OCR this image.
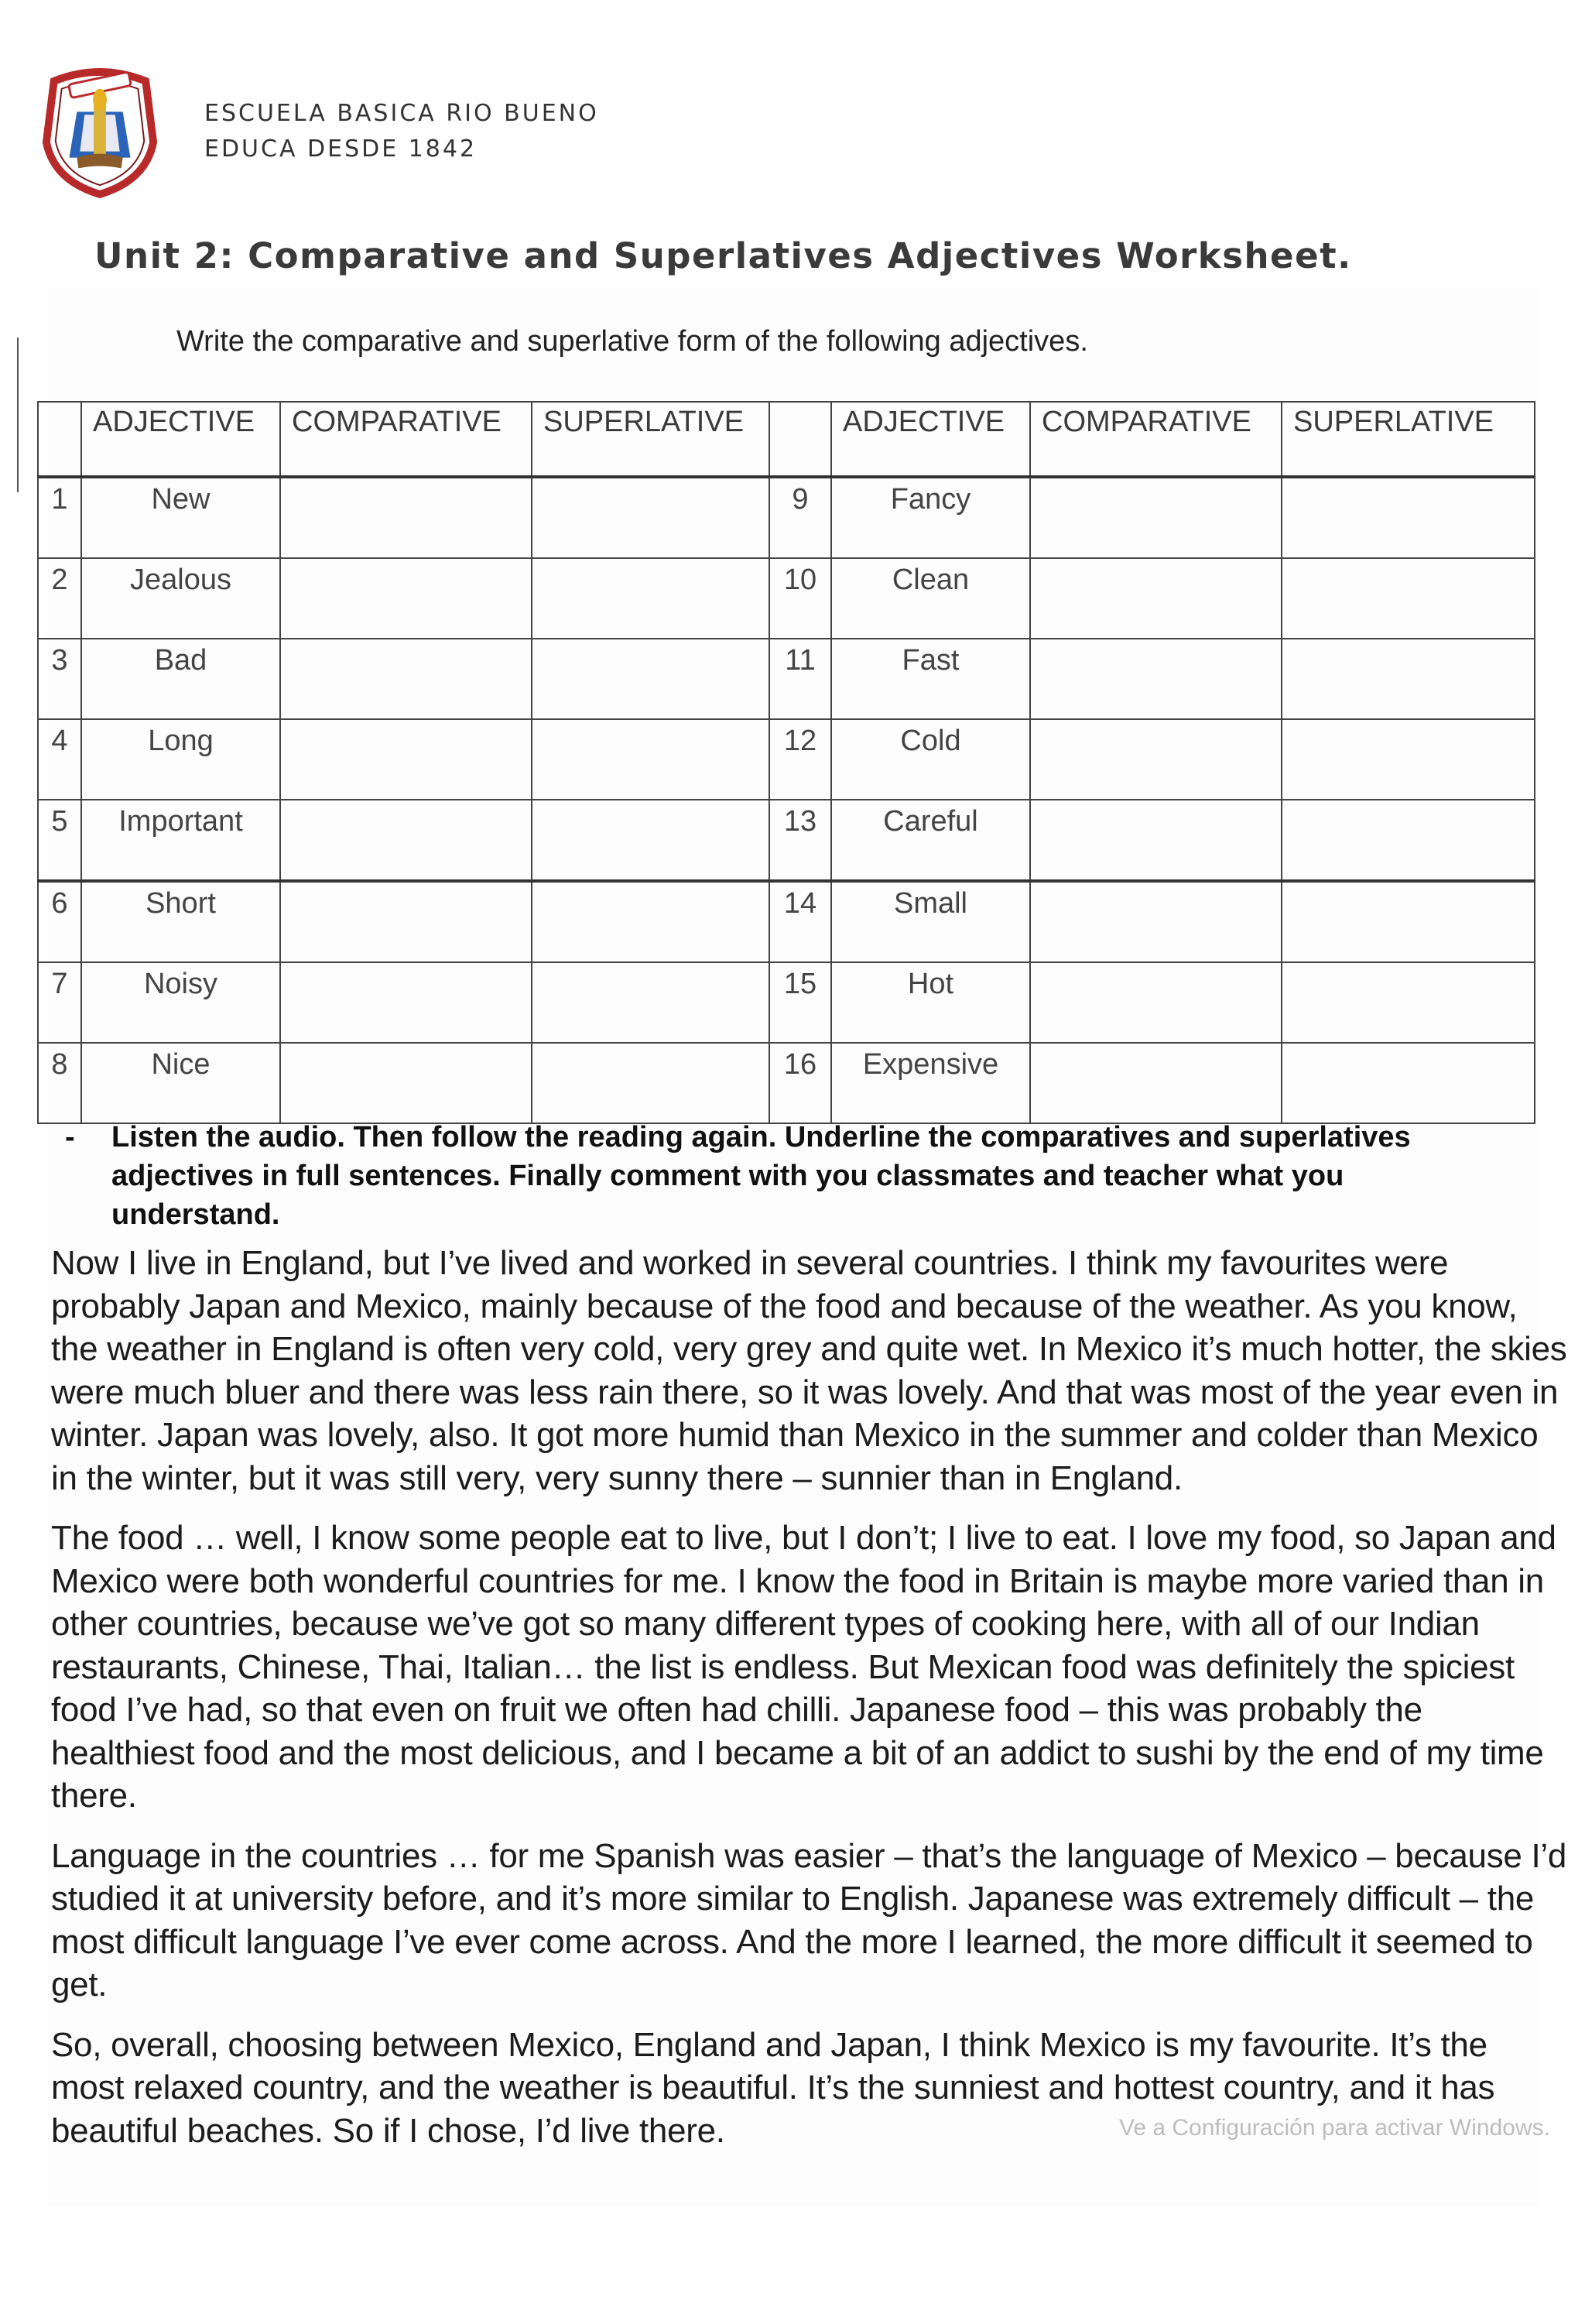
ESCUELA BASICA RIO BUENO
EDUCA DESDE 1842
Unit 2: Comparative and Superlatives Adjectives Worksheet.
Write the comparative and superlative form of the following adjectives.
	ADJECTIVE	COMPARATIVE	SUPERLATIVE		ADJECTIVE	COMPARATIVE	SUPERLATIVE
1	New			9	Fancy		
2	Jealous			10	Clean		
3	Bad			11	Fast		
4	Long			12	Cold		
5	Important			13	Careful		
6	Short			14	Small		
7	Noisy			15	Hot		
8	Nice			16	Expensive		
- Listen the audio. Then follow the reading again. Underline the comparatives and superlatives adjectives in full sentences. Finally comment with you classmates and teacher what you understand.

Now I live in England, but I’ve lived and worked in several countries. I think my favourites were probably Japan and Mexico, mainly because of the food and because of the weather. As you know, the weather in England is often very cold, very grey and quite wet. In Mexico it’s much hotter, the skies were much bluer and there was less rain there, so it was lovely. And that was most of the year even in winter. Japan was lovely, also. It got more humid than Mexico in the summer and colder than Mexico in the winter, but it was still very, very sunny there – sunnier than in England.

The food … well, I know some people eat to live, but I don’t; I live to eat. I love my food, so Japan and Mexico were both wonderful countries for me. I know the food in Britain is maybe more varied than in other countries, because we’ve got so many different types of cooking here, with all of our Indian restaurants, Chinese, Thai, Italian… the list is endless. But Mexican food was definitely the spiciest food I’ve had, so that even on fruit we often had chilli. Japanese food – this was probably the healthiest food and the most delicious, and I became a bit of an addict to sushi by the end of my time there.

Language in the countries … for me Spanish was easier – that’s the language of Mexico – because I’d studied it at university before, and it’s more similar to English. Japanese was extremely difficult – the most difficult language I’ve ever come across. And the more I learned, the more difficult it seemed to get.

So, overall, choosing between Mexico, England and Japan, I think Mexico is my favourite. It’s the most relaxed country, and the weather is beautiful. It’s the sunniest and hottest country, and it has beautiful beaches. So if I chose, I’d live there.	Ve a Configuración para activar Windows.
